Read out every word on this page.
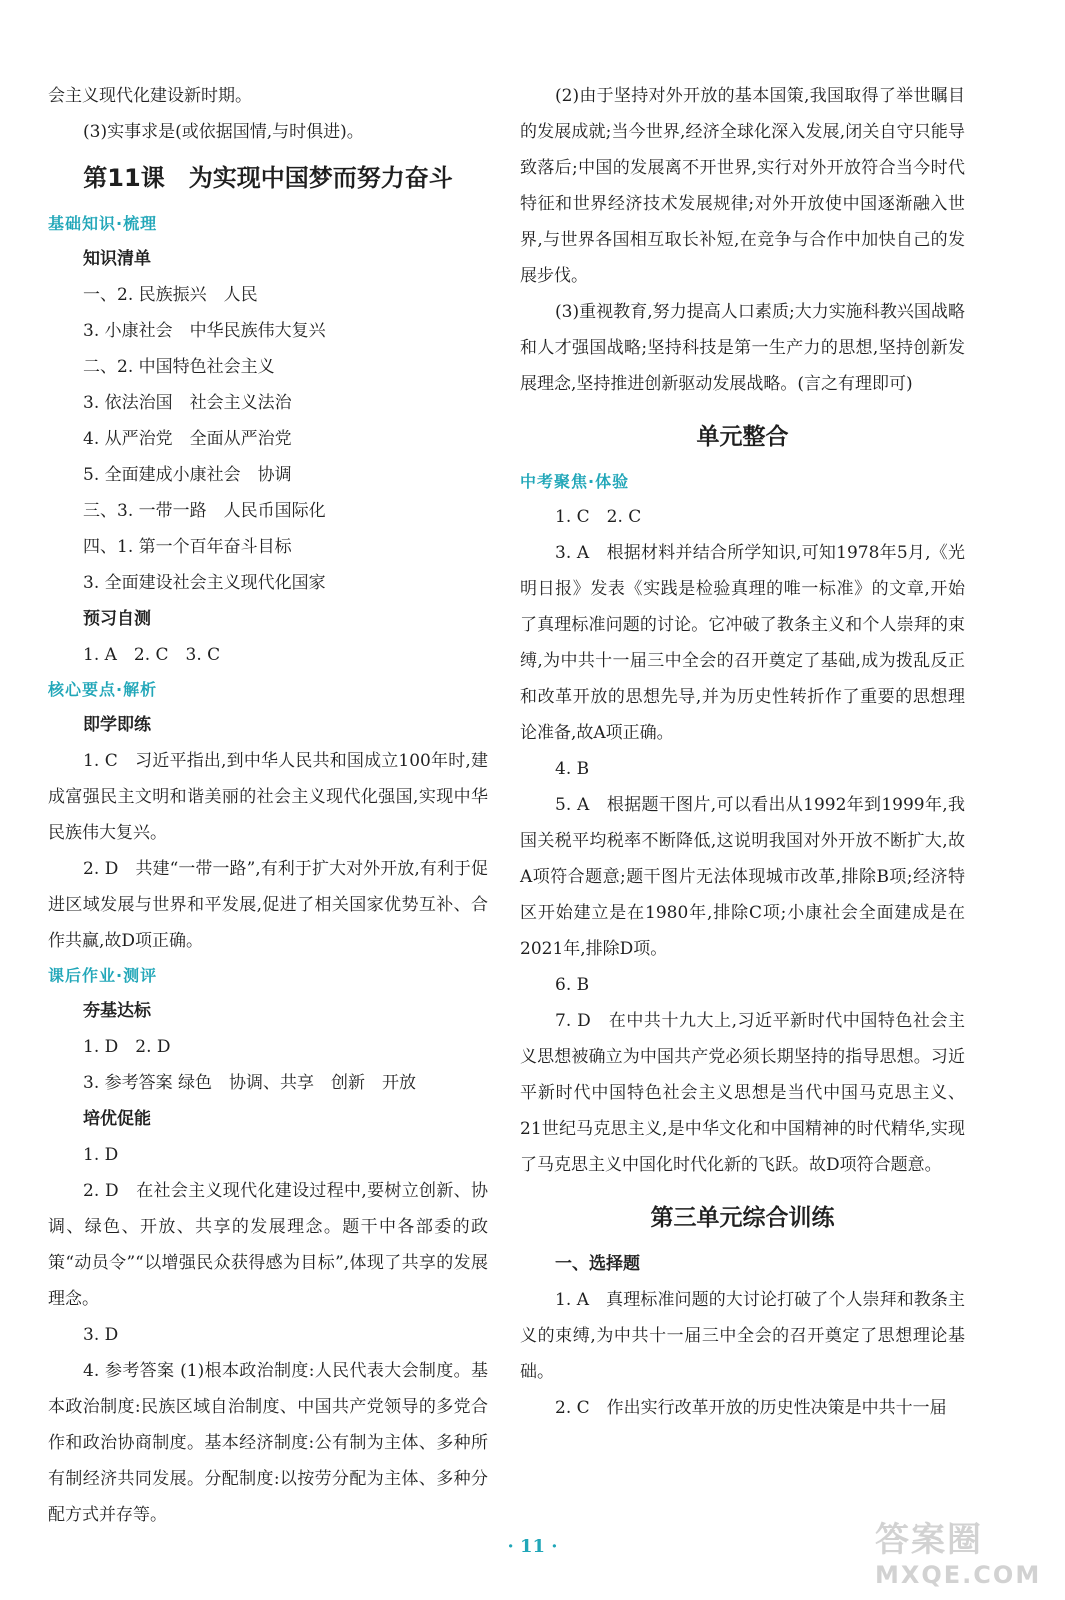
会主义现代化建设新时期。

(3)实事求是(或依据国情,与时俱进)。

第11课　为实现中国梦而努力奋斗

基础知识·梳理

知识清单

一、2. 民族振兴　人民

3. 小康社会　中华民族伟大复兴

二、2. 中国特色社会主义

3. 依法治国　社会主义法治

4. 从严治党　全面从严治党

5. 全面建成小康社会　协调

三、3. 一带一路　人民币国际化

四、1. 第一个百年奋斗目标

3. 全面建设社会主义现代化国家

预习自测

1. A　2. C　3. C

核心要点·解析

即学即练

1. C　习近平指出,到中华人民共和国成立100年时,建成富强民主文明和谐美丽的社会主义现代化强国,实现中华民族伟大复兴。

2. D　共建“一带一路”,有利于扩大对外开放,有利于促进区域发展与世界和平发展,促进了相关国家优势互补、合作共赢,故D项正确。

课后作业·测评

夯基达标

1. D　2. D

3. 参考答案 绿色　协调、共享　创新　开放

培优促能

1. D

2. D　在社会主义现代化建设过程中,要树立创新、协调、绿色、开放、共享的发展理念。题干中各部委的政策“动员令”“以增强民众获得感为目标”,体现了共享的发展理念。

3. D

4. 参考答案 (1)根本政治制度:人民代表大会制度。基本政治制度:民族区域自治制度、中国共产党领导的多党合作和政治协商制度。基本经济制度:公有制为主体、多种所有制经济共同发展。分配制度:以按劳分配为主体、多种分配方式并存等。

(2)由于坚持对外开放的基本国策,我国取得了举世瞩目的发展成就;当今世界,经济全球化深入发展,闭关自守只能导致落后;中国的发展离不开世界,实行对外开放符合当今时代特征和世界经济技术发展规律;对外开放使中国逐渐融入世界,与世界各国相互取长补短,在竞争与合作中加快自己的发展步伐。

(3)重视教育,努力提高人口素质;大力实施科教兴国战略和人才强国战略;坚持科技是第一生产力的思想,坚持创新发展理念,坚持推进创新驱动发展战略。(言之有理即可)

单元整合

中考聚焦·体验

1. C　2. C

3. A　根据材料并结合所学知识,可知1978年5月,《光明日报》发表《实践是检验真理的唯一标准》的文章,开始了真理标准问题的讨论。它冲破了教条主义和个人崇拜的束缚,为中共十一届三中全会的召开奠定了基础,成为拨乱反正和改革开放的思想先导,并为历史性转折作了重要的思想理论准备,故A项正确。

4. B

5. A　根据题干图片,可以看出从1992年到1999年,我国关税平均税率不断降低,这说明我国对外开放不断扩大,故A项符合题意;题干图片无法体现城市改革,排除B项;经济特区开始建立是在1980年,排除C项;小康社会全面建成是在2021年,排除D项。

6. B

7. D　在中共十九大上,习近平新时代中国特色社会主义思想被确立为中国共产党必须长期坚持的指导思想。习近平新时代中国特色社会主义思想是当代中国马克思主义、21世纪马克思主义,是中华文化和中国精神的时代精华,实现了马克思主义中国化时代化新的飞跃。故D项符合题意。

第三单元综合训练

一、选择题

1. A　真理标准问题的大讨论打破了个人崇拜和教条主义的束缚,为中共十一届三中全会的召开奠定了思想理论基础。

2. C　作出实行改革开放的历史性决策是中共十一届

· 11 ·	答案圈
MXQE.COM
